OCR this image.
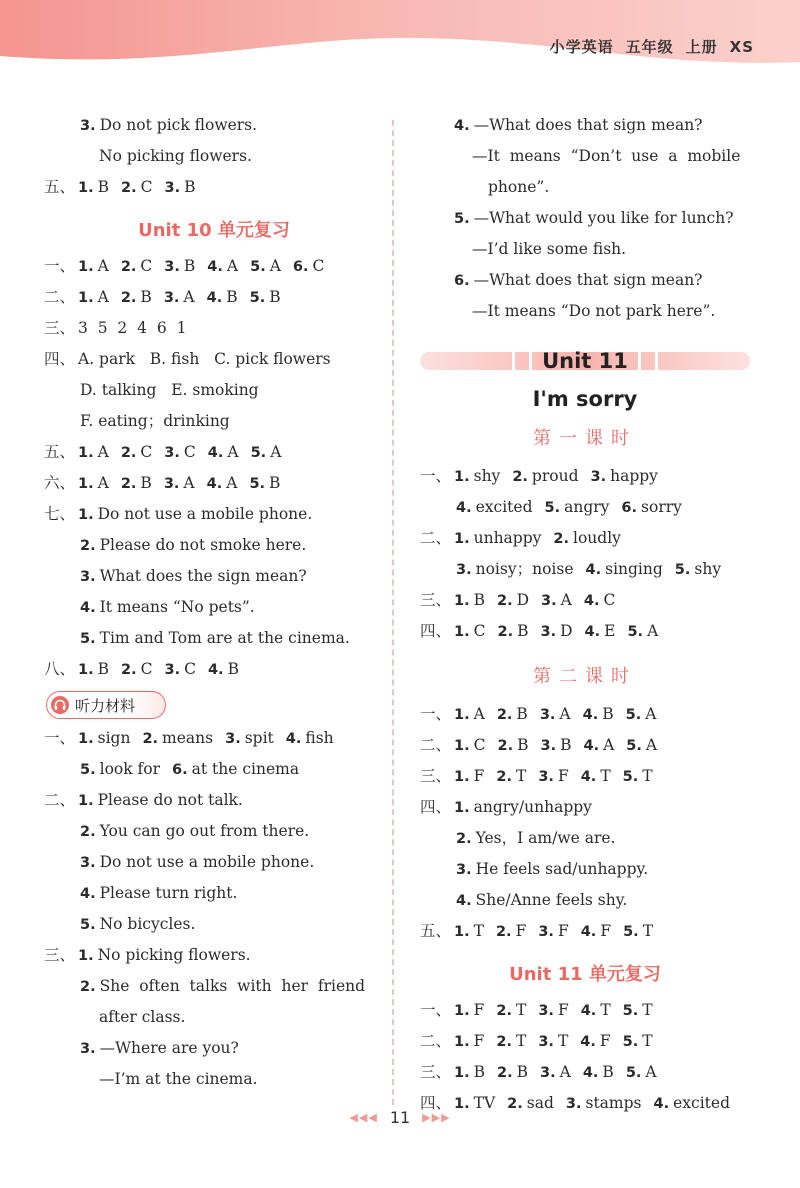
小学英语 五年级 上册 XS
3. Do not pick flowers.
No picking flowers.
五、 1. B 2. C 3. B
Unit 10 单元复习
一、 1. A 2. C 3. B 4. A 5. A 6. C
二、 1. A 2. B 3. A 4. B 5. B
三、 3  5  2  4  6  1
四、 A. park   B. fish   C. pick flowers
D. talking   E. smoking
F. eating；drinking
五、 1. A 2. C 3. C 4. A 5. A
六、 1. A 2. B 3. A 4. A 5. B
七、 1. Do not use a mobile phone.
2. Please do not smoke here.
3. What does the sign mean?
4. It means “No pets”.
5. Tim and Tom are at the cinema.
八、 1. B 2. C 3. C 4. B
听力材料
一、 1. sign 2. means 3. spit 4. fish
5. look for 6. at the cinema
二、 1. Please do not talk.
2. You can go out from there.
3. Do not use a mobile phone.
4. Please turn right.
5. No bicycles.
三、 1. No picking flowers.
2. She  often  talks  with  her  friend
after class.
3. —Where are you?
—I’m at the cinema.
4. —What does that sign mean?
—It  means  “Don’t  use  a  mobile
phone”.
5. —What would you like for lunch?
—I’d like some fish.
6. —What does that sign mean?
—It means “Do not park here”.
Unit 11
I'm sorry
第一课时
一、 1. shy 2. proud 3. happy
4. excited 5. angry 6. sorry
二、 1. unhappy 2. loudly
3. noisy；noise 4. singing 5. shy
三、 1. B 2. D 3. A 4. C
四、 1. C 2. B 3. D 4. E 5. A
第二课时
一、 1. A 2. B 3. A 4. B 5. A
二、 1. C 2. B 3. B 4. A 5. A
三、 1. F 2. T 3. F 4. T 5. T
四、 1. angry/unhappy
2. Yes，I am/we are.
3. He feels sad/unhappy.
4. She/Anne feels shy.
五、 1. T 2. F 3. F 4. F 5. T
Unit 11 单元复习
一、 1. F 2. T 3. F 4. T 5. T
二、 1. F 2. T 3. T 4. F 5. T
三、 1. B 2. B 3. A 4. B 5. A
四、 1. TV 2. sad 3. stamps 4. excited
◀◀◀ 11 ▶▶▶
